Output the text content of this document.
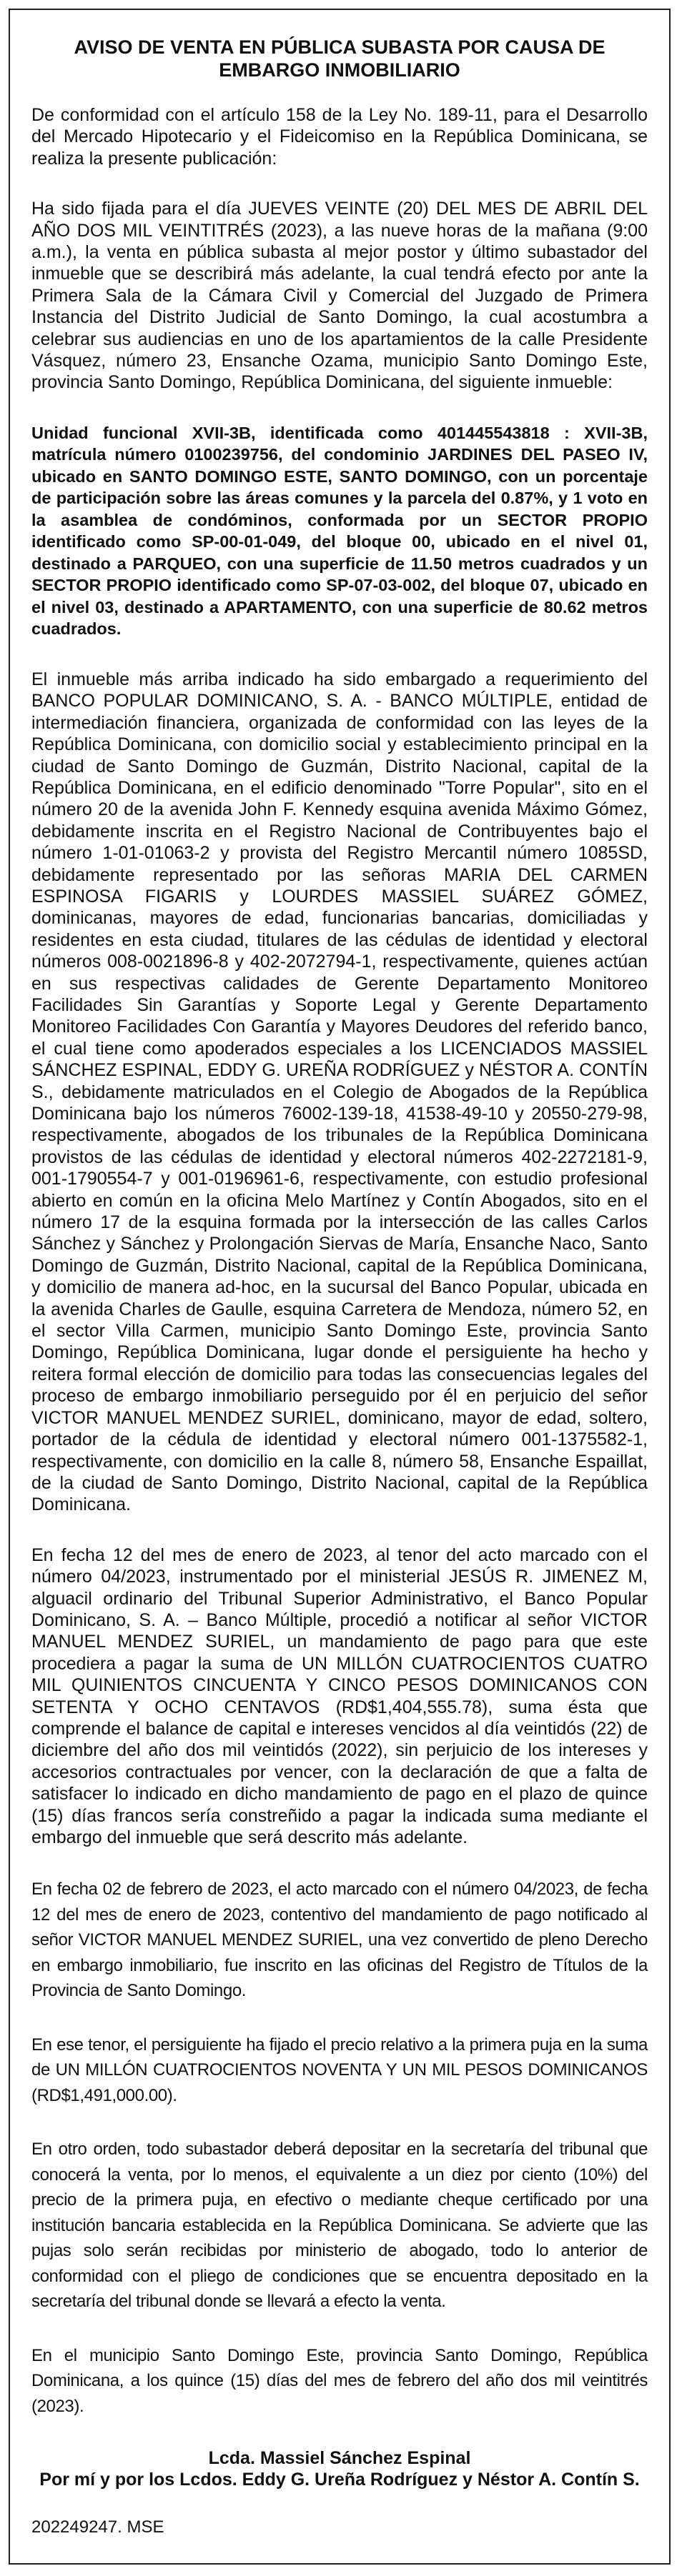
AVISO DE VENTA EN PÚBLICA SUBASTA POR CAUSA DE EMBARGO INMOBILIARIO

De conformidad con el artículo 158 de la Ley No. 189-11, para el Desarrollo del Mercado Hipotecario y el Fideicomiso en la República Dominicana, se realiza la presente publicación:

Ha sido fijada para el día JUEVES VEINTE (20) DEL MES DE ABRIL DEL AÑO DOS MIL VEINTITRÉS (2023), a las nueve horas de la mañana (9:00 a.m.), la venta en pública subasta al mejor postor y último subastador del inmueble que se describirá más adelante, la cual tendrá efecto por ante la Primera Sala de la Cámara Civil y Comercial del Juzgado de Primera Instancia del Distrito Judicial de Santo Domingo, la cual acostumbra a celebrar sus audiencias en uno de los apartamientos de la calle Presidente Vásquez, número 23, Ensanche Ozama, municipio Santo Domingo Este, provincia Santo Domingo, República Dominicana, del siguiente inmueble:

Unidad funcional XVII-3B, identificada como 401445543818 : XVII-3B, matrícula número 0100239756, del condominio JARDINES DEL PASEO IV, ubicado en SANTO DOMINGO ESTE, SANTO DOMINGO, con un porcentaje de participación sobre las áreas comunes y la parcela del 0.87%, y 1 voto en la asamblea de condóminos, conformada por un SECTOR PROPIO identificado como SP-00-01-049, del bloque 00, ubicado en el nivel 01, destinado a PARQUEO, con una superficie de 11.50 metros cuadrados y un SECTOR PROPIO identificado como SP-07-03-002, del bloque 07, ubicado en el nivel 03, destinado a APARTAMENTO, con una superficie de 80.62 metros cuadrados.

El inmueble más arriba indicado ha sido embargado a requerimiento del BANCO POPULAR DOMINICANO, S. A. - BANCO MÚLTIPLE, entidad de intermediación financiera, organizada de conformidad con las leyes de la República Dominicana, con domicilio social y establecimiento principal en la ciudad de Santo Domingo de Guzmán, Distrito Nacional, capital de la República Dominicana, en el edificio denominado "Torre Popular", sito en el número 20 de la avenida John F. Kennedy esquina avenida Máximo Gómez, debidamente inscrita en el Registro Nacional de Contribuyentes bajo el número 1-01-01063-2 y provista del Registro Mercantil número 1085SD, debidamente representado por las señoras MARIA DEL CARMEN ESPINOSA FIGARIS y LOURDES MASSIEL SUÁREZ GÓMEZ, dominicanas, mayores de edad, funcionarias bancarias, domiciliadas y residentes en esta ciudad, titulares de las cédulas de identidad y electoral números 008-0021896-8 y 402-2072794-1, respectivamente, quienes actúan en sus respectivas calidades de Gerente Departamento Monitoreo Facilidades Sin Garantías y Soporte Legal y Gerente Departamento Monitoreo Facilidades Con Garantía y Mayores Deudores del referido banco, el cual tiene como apoderados especiales a los LICENCIADOS MASSIEL SÁNCHEZ ESPINAL, EDDY G. UREÑA RODRÍGUEZ y NÉSTOR A. CONTÍN S., debidamente matriculados en el Colegio de Abogados de la República Dominicana bajo los números 76002-139-18, 41538-49-10 y 20550-279-98, respectivamente, abogados de los tribunales de la República Dominicana provistos de las cédulas de identidad y electoral números 402-2272181-9, 001-1790554-7 y 001-0196961-6, respectivamente, con estudio profesional abierto en común en la oficina Melo Martínez y Contín Abogados, sito en el número 17 de la esquina formada por la intersección de las calles Carlos Sánchez y Sánchez y Prolongación Siervas de María, Ensanche Naco, Santo Domingo de Guzmán, Distrito Nacional, capital de la República Dominicana, y domicilio de manera ad-hoc, en la sucursal del Banco Popular, ubicada en la avenida Charles de Gaulle, esquina Carretera de Mendoza, número 52, en el sector Villa Carmen, municipio Santo Domingo Este, provincia Santo Domingo, República Dominicana, lugar donde el persiguiente ha hecho y reitera formal elección de domicilio para todas las consecuencias legales del proceso de embargo inmobiliario perseguido por él en perjuicio del señor VICTOR MANUEL MENDEZ SURIEL, dominicano, mayor de edad, soltero, portador de la cédula de identidad y electoral número 001-1375582-1, respectivamente, con domicilio en la calle 8, número 58, Ensanche Espaillat, de la ciudad de Santo Domingo, Distrito Nacional, capital de la República Dominicana.

En fecha 12 del mes de enero de 2023, al tenor del acto marcado con el número 04/2023, instrumentado por el ministerial JESÚS R. JIMENEZ M, alguacil ordinario del Tribunal Superior Administrativo, el Banco Popular Dominicano, S. A. – Banco Múltiple, procedió a notificar al señor VICTOR MANUEL MENDEZ SURIEL, un mandamiento de pago para que este procediera a pagar la suma de UN MILLÓN CUATROCIENTOS CUATRO MIL QUINIENTOS CINCUENTA Y CINCO PESOS DOMINICANOS CON SETENTA Y OCHO CENTAVOS (RD$1,404,555.78), suma ésta que comprende el balance de capital e intereses vencidos al día veintidós (22) de diciembre del año dos mil veintidós (2022), sin perjuicio de los intereses y accesorios contractuales por vencer, con la declaración de que a falta de satisfacer lo indicado en dicho mandamiento de pago en el plazo de quince (15) días francos sería constreñido a pagar la indicada suma mediante el embargo del inmueble que será descrito más adelante.

En fecha 02 de febrero de 2023, el acto marcado con el número 04/2023, de fecha 12 del mes de enero de 2023, contentivo del mandamiento de pago notificado al señor VICTOR MANUEL MENDEZ SURIEL, una vez convertido de pleno Derecho en embargo inmobiliario, fue inscrito en las oficinas del Registro de Títulos de la Provincia de Santo Domingo.

En ese tenor, el persiguiente ha fijado el precio relativo a la primera puja en la suma de UN MILLÓN CUATROCIENTOS NOVENTA Y UN MIL PESOS DOMINICANOS (RD$1,491,000.00).

En otro orden, todo subastador deberá depositar en la secretaría del tribunal que conocerá la venta, por lo menos, el equivalente a un diez por ciento (10%) del precio de la primera puja, en efectivo o mediante cheque certificado por una institución bancaria establecida en la República Dominicana. Se advierte que las pujas solo serán recibidas por ministerio de abogado, todo lo anterior de conformidad con el pliego de condiciones que se encuentra depositado en la secretaría del tribunal donde se llevará a efecto la venta.

En el municipio Santo Domingo Este, provincia Santo Domingo, República Dominicana, a los quince (15) días del mes de febrero del año dos mil veintitrés (2023).

Lcda. Massiel Sánchez Espinal

Por mí y por los Lcdos. Eddy G. Ureña Rodríguez y Néstor A. Contín S.

202249247. MSE
